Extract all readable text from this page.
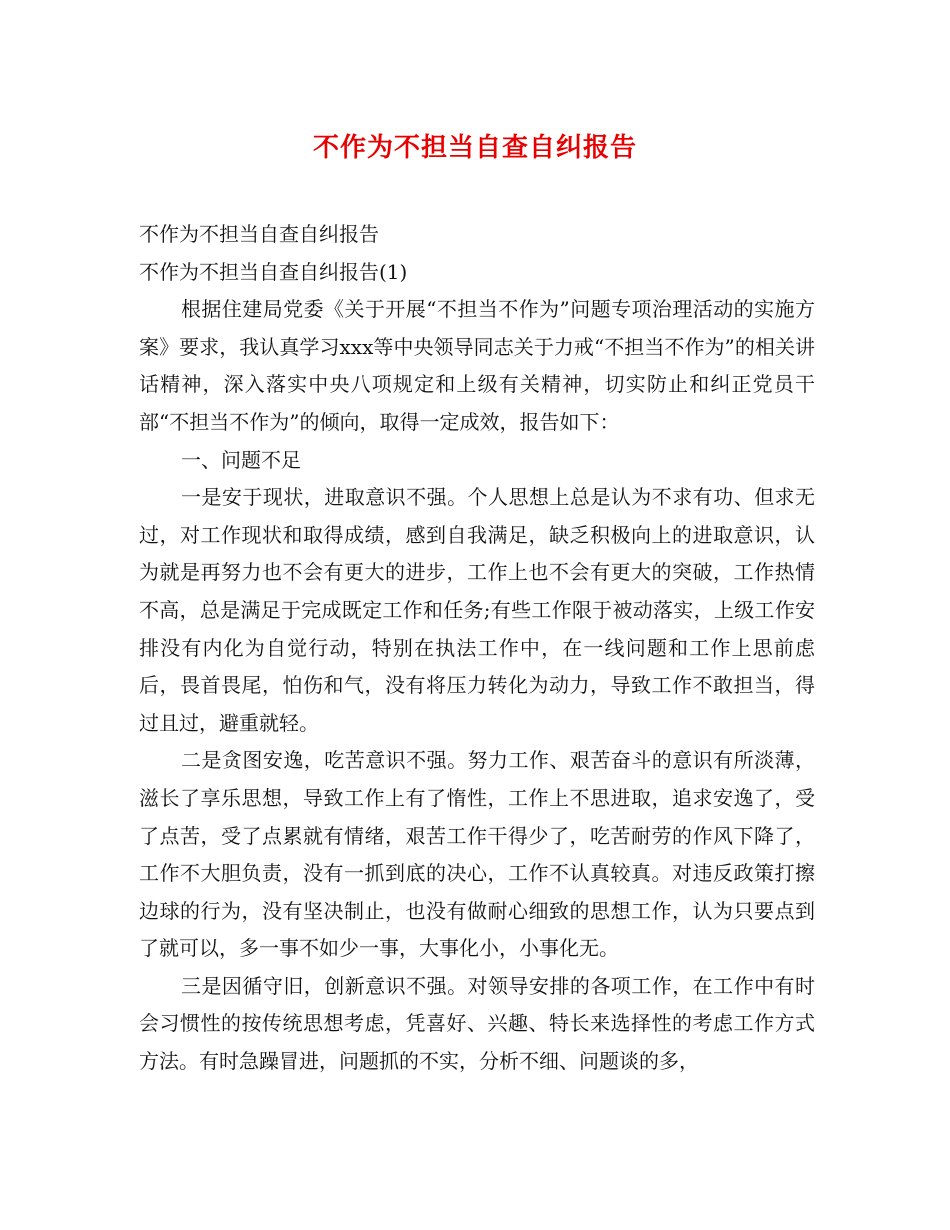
不作为不担当自查自纠报告
不作为不担当自查自纠报告
不作为不担当自查自纠报告(1)
根据住建局党委《关于开展“不担当不作为”问题专项治理活动的实施方案》要求，我认真学习xxx等中央领导同志关于力戒“不担当不作为”的相关讲话精神，深入落实中央八项规定和上级有关精神，切实防止和纠正党员干部“不担当不作为”的倾向，取得一定成效，报告如下：
一、问题不足
一是安于现状，进取意识不强。个人思想上总是认为不求有功、但求无过，对工作现状和取得成绩，感到自我满足，缺乏积极向上的进取意识，认为就是再努力也不会有更大的进步，工作上也不会有更大的突破，工作热情不高，总是满足于完成既定工作和任务;有些工作限于被动落实，上级工作安排没有内化为自觉行动，特别在执法工作中，在一线问题和工作上思前虑后，畏首畏尾，怕伤和气，没有将压力转化为动力，导致工作不敢担当，得过且过，避重就轻。
二是贪图安逸，吃苦意识不强。努力工作、艰苦奋斗的意识有所淡薄，滋长了享乐思想，导致工作上有了惰性，工作上不思进取，追求安逸了，受了点苦，受了点累就有情绪，艰苦工作干得少了，吃苦耐劳的作风下降了，工作不大胆负责，没有一抓到底的决心，工作不认真较真。对违反政策打擦边球的行为，没有坚决制止，也没有做耐心细致的思想工作，认为只要点到了就可以，多一事不如少一事，大事化小，小事化无。
三是因循守旧，创新意识不强。对领导安排的各项工作，在工作中有时会习惯性的按传统思想考虑，凭喜好、兴趣、特长来选择性的考虑工作方式方法。有时急躁冒进，问题抓的不实，分析不细、问题谈的多，
